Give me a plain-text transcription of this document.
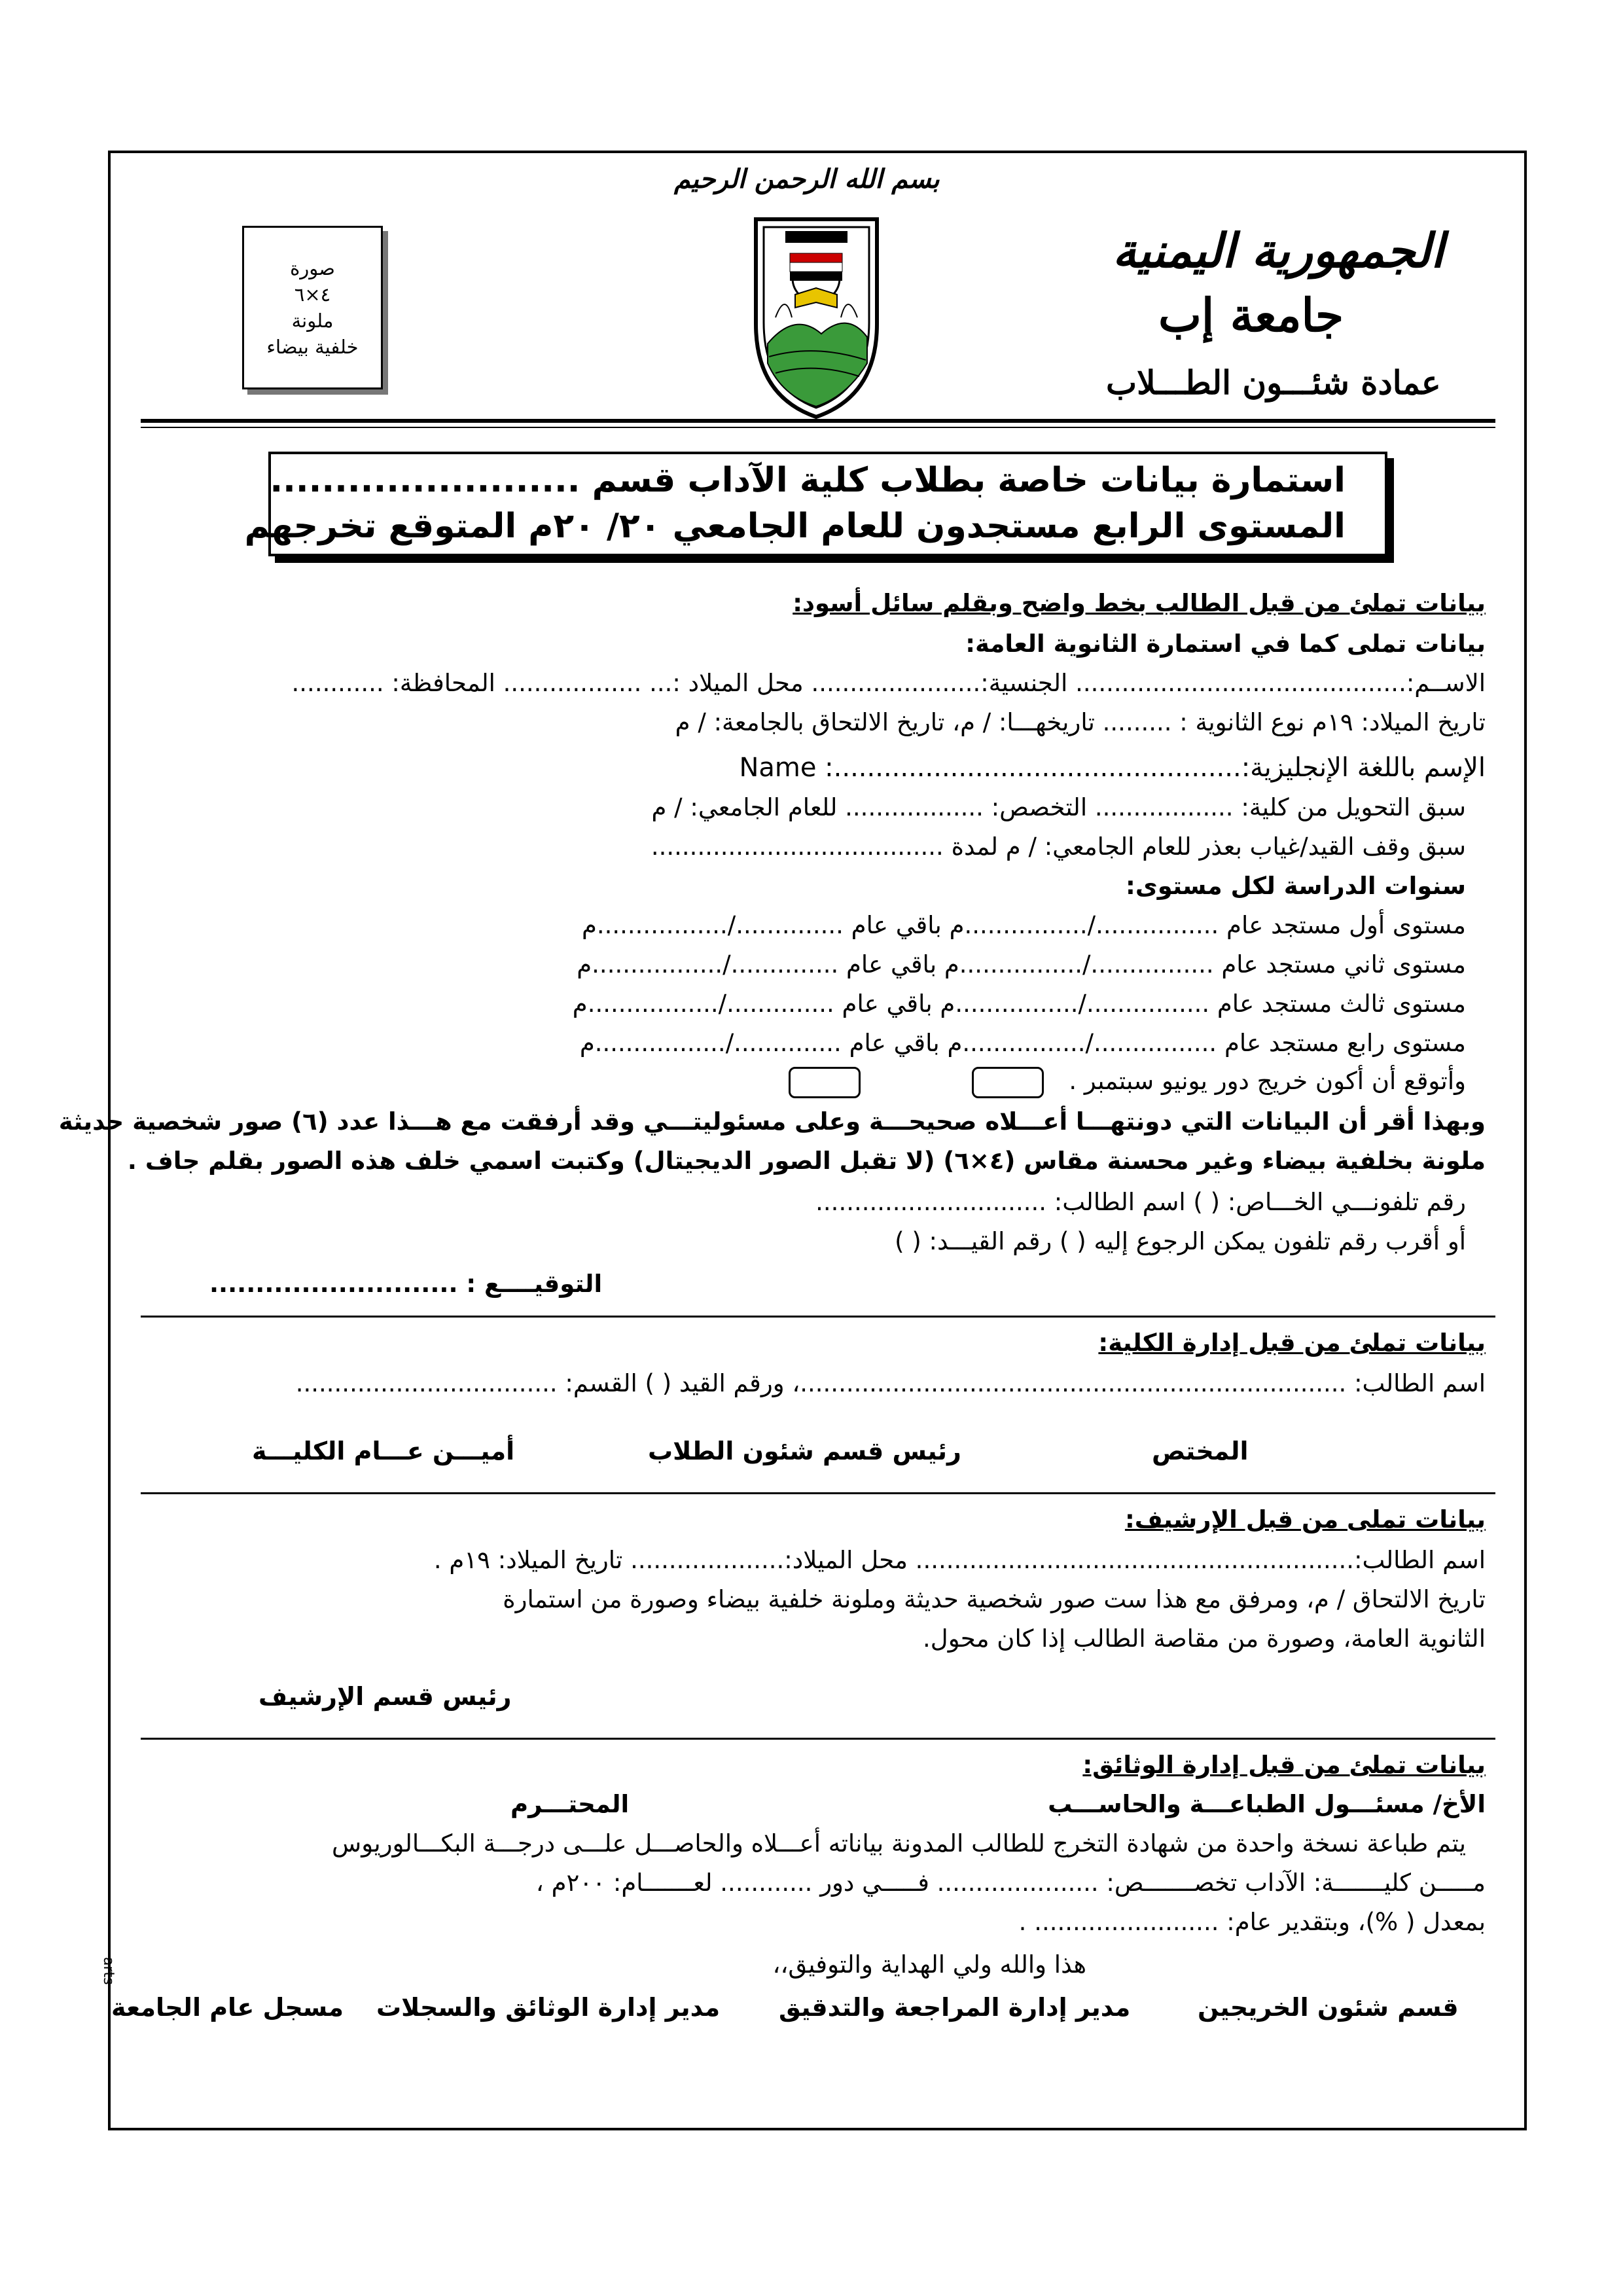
بسم الله الرحمن الرحيم
الجمهورية اليمنية
جامعة إب
عمادة شئـــون الطـــلاب
صورة
٤×٦
ملونة
خلفية بيضاء
استمارة بيانات خاصة بطلاب كلية الآداب قسم ........................
المستوى الرابع مستجدون للعام الجامعي ٢٠/ ٢٠م المتوقع تخرجهم
بيانات تملئ من قبل الطالب بخط واضح وبقلم سائل أسود:
بيانات تملى كما في استمارة الثانوية العامة:
الاســم:........................................... الجنسية:...................... محل الميلاد :... .................. المحافظة: ............
تاريخ الميلاد: ١٩م نوع الثانوية : ......... تاريخهـــا: / م، تاريخ الالتحاق بالجامعة: / م
الإسم باللغة الإنجليزية:.................................................: Name
سبق التحويل من كلية: .................. التخصص: .................. للعام الجامعي: / م
سبق وقف القيد/غياب بعذر للعام الجامعي: / م لمدة ......................................
سنوات الدراسة لكل مستوى:
مستوى أول مستجد عام ................/................م باقي عام ............../.................م
مستوى ثاني مستجد عام ................/................م باقي عام ............../.................م
مستوى ثالث مستجد عام ................/................م باقي عام ............../.................م
مستوى رابع مستجد عام ................/................م باقي عام ............../.................م
وأتوقع أن أكون خريج دور يونيو سبتمبر .
وبهذا أقر أن البيانات التي دونتهـــا أعـــلاه صحيحـــة وعلى مسئوليتـــي وقد أرفقت مع هـــذا عدد (٦) صور شخصية حديثة
ملونة بخلفية بيضاء وغير محسنة مقاس (٤×٦) (لا تقبل الصور الديجيتال) وكتبت اسمي خلف هذه الصور بقلم جاف .
رقم تلفونـــي الخـــاص: ( ) اسم الطالب: ..............................
أو أقرب رقم تلفون يمكن الرجوع إليه ( ) رقم القيـــد: ( )
التوقيــــع : ...........................
بيانات تملئ من قبل إدارة الكلية:
اسم الطالب: .......................................................................، ورقم القيد ( ) القسم: ..................................
المختص
رئيس قسم شئون الطلاب
أميـــن عـــام الكليـــة
بيانات تملى من قبل الإرشيف:
اسم الطالب:......................................................... محل الميلاد:.................... تاريخ الميلاد: ١٩م .
تاريخ الالتحاق / م، ومرفق مع هذا ست صور شخصية حديثة وملونة خلفية بيضاء وصورة من استمارة
الثانوية العامة، وصورة من مقاصة الطالب إذا كان محول.
رئيس قسم الإرشيف
بيانات تملئ من قبل إدارة الوثائق:
الأخ/ مسئـــول الطباعـــة والحاســـب
المحتـــرم
يتم طباعة نسخة واحدة من شهادة التخرج للطالب المدونة بياناته أعـــلاه والحاصـــل علـــى درجـــة البكـــالوريوس
مـــــن كليـــــــة: الآداب تخصـــــــص: ..................... فـــــي دور ............ لعـــــــام: ٢٠٠م ،
بمعدل ( %)، وبتقدير عام: ........................ .
هذا والله ولي الهداية والتوفيق،،
قسم شئون الخريجين
مدير إدارة المراجعة والتدقيق
مدير إدارة الوثائق والسجلات
مسجل عام الجامعة
arts
